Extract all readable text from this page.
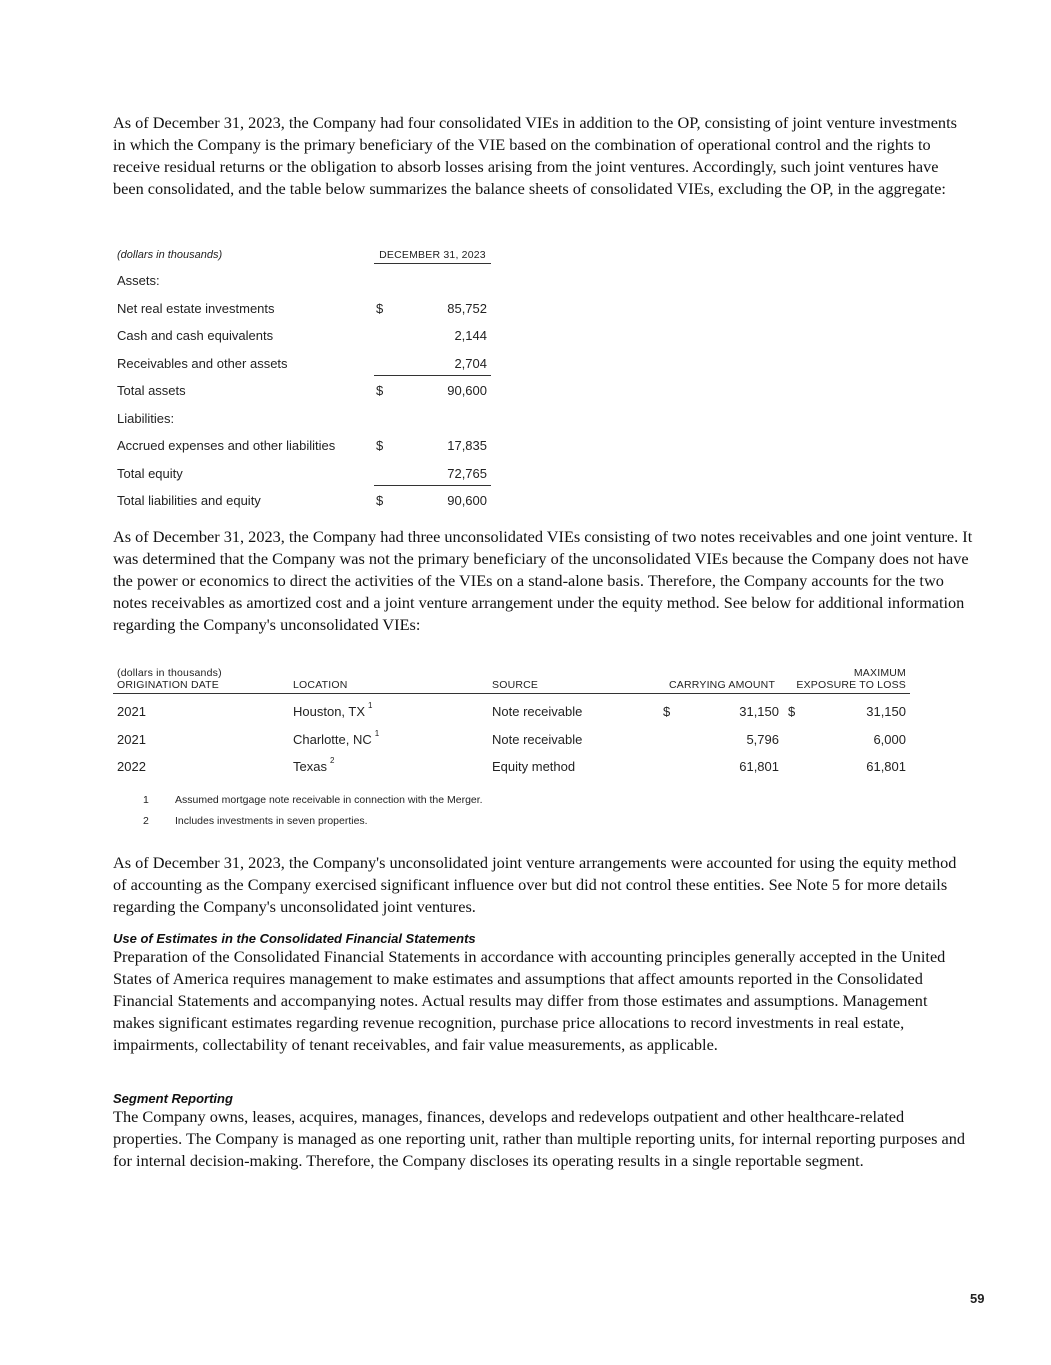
As of December 31, 2023, the Company had four consolidated VIEs in addition to the OP, consisting of joint venture investments in which the Company is the primary beneficiary of the VIE based on the combination of operational control and the rights to receive residual returns or the obligation to absorb losses arising from the joint ventures. Accordingly, such joint ventures have been consolidated, and the table below summarizes the balance sheets of consolidated VIEs, excluding the OP, in the aggregate:
(dollars in thousands)	DECEMBER 31, 2023
Assets:
Net real estate investments	$	85,752
Cash and cash equivalents	2,144
Receivables and other assets	2,704
Total assets	$	90,600
Liabilities:
Accrued expenses and other liabilities	$	17,835
Total equity	72,765
Total liabilities and equity	$	90,600
As of December 31, 2023, the Company had three unconsolidated VIEs consisting of two notes receivables and one joint venture. It was determined that the Company was not the primary beneficiary of the unconsolidated VIEs because the Company does not have the power or economics to direct the activities of the VIEs on a stand-alone basis. Therefore, the Company accounts for the two notes receivables as amortized cost and a joint venture arrangement under the equity method. See below for additional information regarding the Company's unconsolidated VIEs:
(dollars in thousands)
ORIGINATION DATE	LOCATION	SOURCE	CARRYING AMOUNT
MAXIMUM
EXPOSURE TO LOSS
2021	Houston, TX $^1$	Note receivable	$	31,150 $	31,150
2021	Charlotte, NC $^1$	Note receivable	5,796	6,000
2022	Texas $^2$	Equity method	61,801	61,801
1 Assumed mortgage note receivable in connection with the Merger.
2 Includes investments in seven properties.
As of December 31, 2023, the Company's unconsolidated joint venture arrangements were accounted for using the equity method of accounting as the Company exercised significant influence over but did not control these entities. See Note 5 for more details regarding the Company's unconsolidated joint ventures.
Use of Estimates in the Consolidated Financial Statements
Preparation of the Consolidated Financial Statements in accordance with accounting principles generally accepted in the United States of America requires management to make estimates and assumptions that affect amounts reported in the Consolidated Financial Statements and accompanying notes. Actual results may differ from those estimates and assumptions. Management makes significant estimates regarding revenue recognition, purchase price allocations to record investments in real estate, impairments, collectability of tenant receivables, and fair value measurements, as applicable.
Segment Reporting
The Company owns, leases, acquires, manages, finances, develops and redevelops outpatient and other healthcare-related properties. The Company is managed as one reporting unit, rather than multiple reporting units, for internal reporting purposes and for internal decision-making. Therefore, the Company discloses its operating results in a single reportable segment.
59
